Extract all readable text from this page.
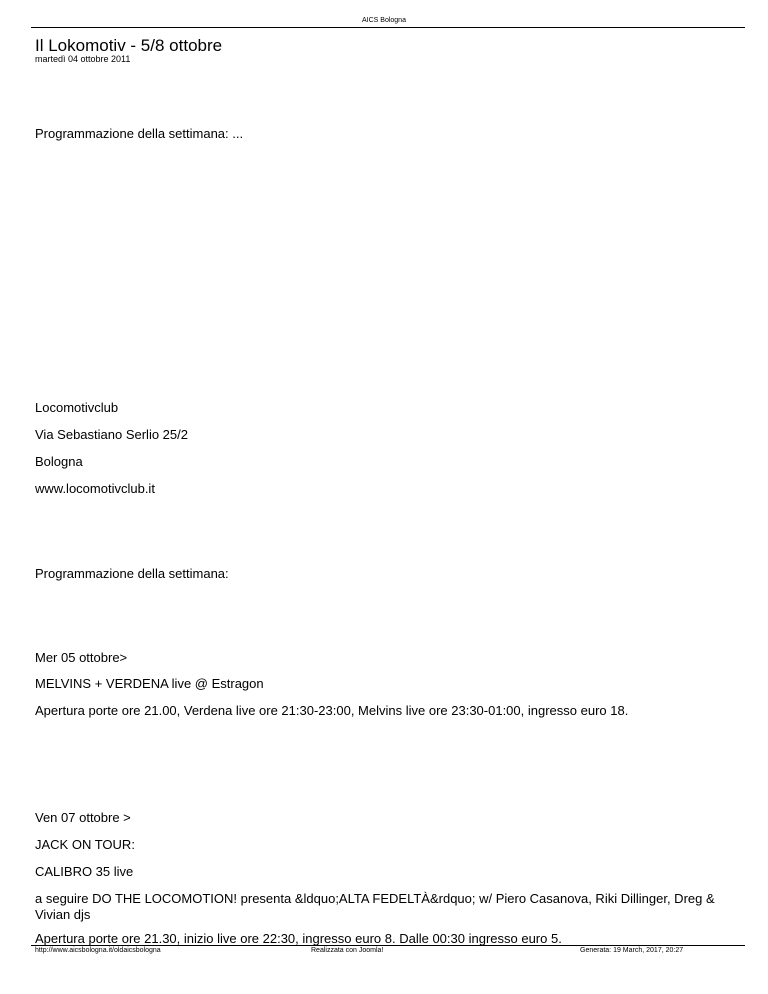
AICS Bologna
Il Lokomotiv - 5/8 ottobre
martedì 04 ottobre 2011

Programmazione della settimana: ...

Locomotivclub

Via Sebastiano Serlio 25/2

Bologna

www.locomotivclub.it

Programmazione della settimana:

Mer 05 ottobre>

MELVINS + VERDENA live @ Estragon

Apertura porte ore 21.00, Verdena live ore 21:30-23:00, Melvins live ore 23:30-01:00, ingresso euro 18.

Ven 07 ottobre >

JACK ON TOUR:

CALIBRO 35 live

a seguire DO THE LOCOMOTION! presenta &ldquo;ALTA FEDELTÀ&rdquo; w/ Piero Casanova, Riki Dillinger, Dreg & Vivian djs

Apertura porte ore 21.30, inizio live ore 22:30, ingresso euro 8. Dalle 00:30 ingresso euro 5.

http://www.aicsbologna.it/oldaicsbologna	Realizzata con Joomla!	Generata: 19 March, 2017, 20:27
